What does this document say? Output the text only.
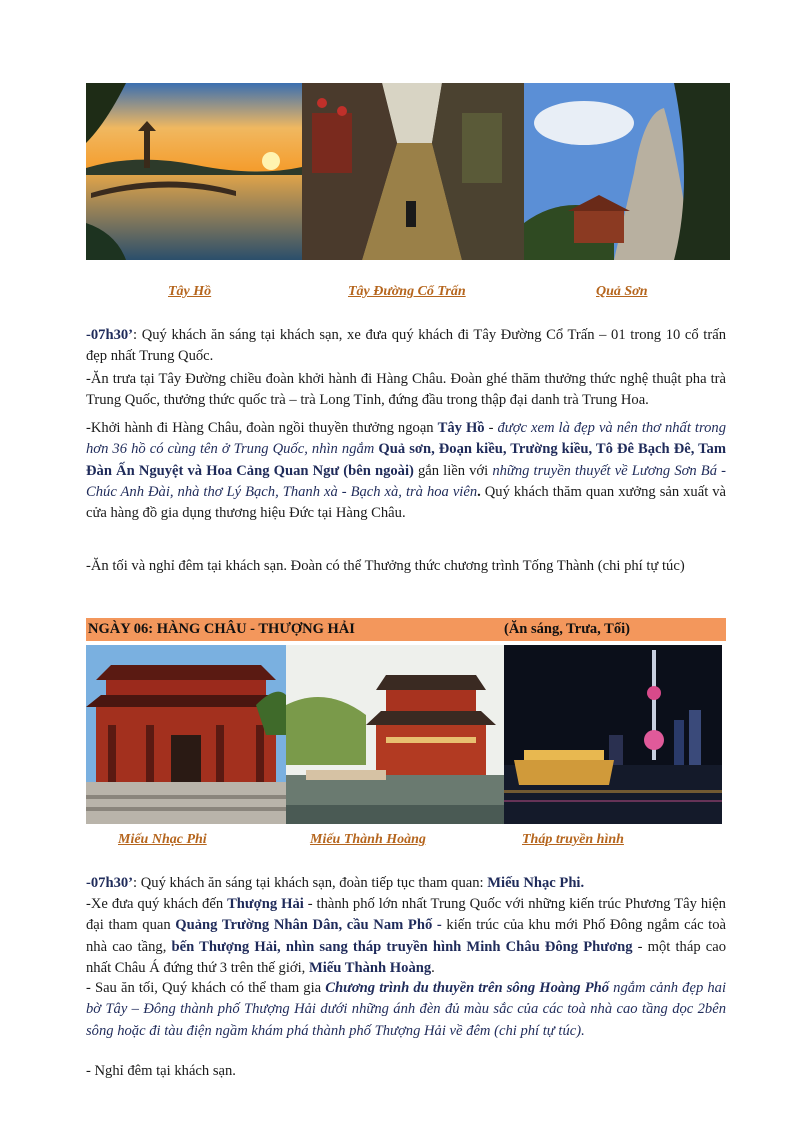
Tây Hồ	Tây Đường Cổ Trấn	Quả Sơn

-07h30’: Quý khách ăn sáng tại khách sạn, xe đưa quý khách đi Tây Đường Cổ Trấn – 01 trong 10 cổ trấn đẹp nhất Trung Quốc.

-Ăn trưa tại Tây Đường chiều đoàn khởi hành đi Hàng Châu. Đoàn ghé thăm thưởng thức nghệ thuật pha trà Trung Quốc, thưởng thức quốc trà – trà Long Tỉnh, đứng đầu trong thập đại danh trà Trung Hoa.

-Khởi hành đi Hàng Châu, đoàn ngồi thuyền thưởng ngoạn Tây Hồ - được xem là đẹp và nên thơ nhất trong hơn 36 hồ có cùng tên ở Trung Quốc, nhìn ngắm Quả sơn, Đoạn kiều, Trường kiều, Tô Đê Bạch Đê, Tam Đàn Ấn Nguyệt và Hoa Cảng Quan Ngư (bên ngoài) gắn liền với những truyền thuyết về Lương Sơn Bá - Chúc Anh Đài, nhà thơ Lý Bạch, Thanh xà - Bạch xà, trà hoa viên. Quý khách thăm quan xưởng sản xuất và cửa hàng đồ gia dụng thương hiệu Đức tại Hàng Châu.

-Ăn tối và nghỉ đêm tại khách sạn. Đoàn có thể Thưởng thức chương trình Tống Thành (chi phí tự túc)

NGÀY 06: HÀNG CHÂU - THƯỢNG HẢI	(Ăn sáng, Trưa, Tối)
Miếu Nhạc Phi	Miếu Thành Hoàng	Tháp truyền hình

-07h30’: Quý khách ăn sáng tại khách sạn, đoàn tiếp tục tham quan: Miếu Nhạc Phi.

-Xe đưa quý khách đến Thượng Hải - thành phố lớn nhất Trung Quốc với những kiến trúc Phương Tây hiện đại tham quan Quảng Trường Nhân Dân, cầu Nam Phố - kiến trúc của khu mới Phố Đông ngắm các toà nhà cao tầng, bến Thượng Hải, nhìn sang tháp truyền hình Minh Châu Đông Phương - một tháp cao nhất Châu Á đứng thứ 3 trên thế giới, Miếu Thành Hoàng.

- Sau ăn tối, Quý khách có thể tham gia Chương trình du thuyền trên sông Hoàng Phố ngắm cảnh đẹp hai bờ Tây – Đông thành phố Thượng Hải dưới những ánh đèn đủ màu sắc của các toà nhà cao tầng dọc 2bên sông hoặc đi tàu điện ngầm khám phá thành phố Thượng Hải về đêm (chi phí tự túc).

- Nghỉ đêm tại khách sạn.
